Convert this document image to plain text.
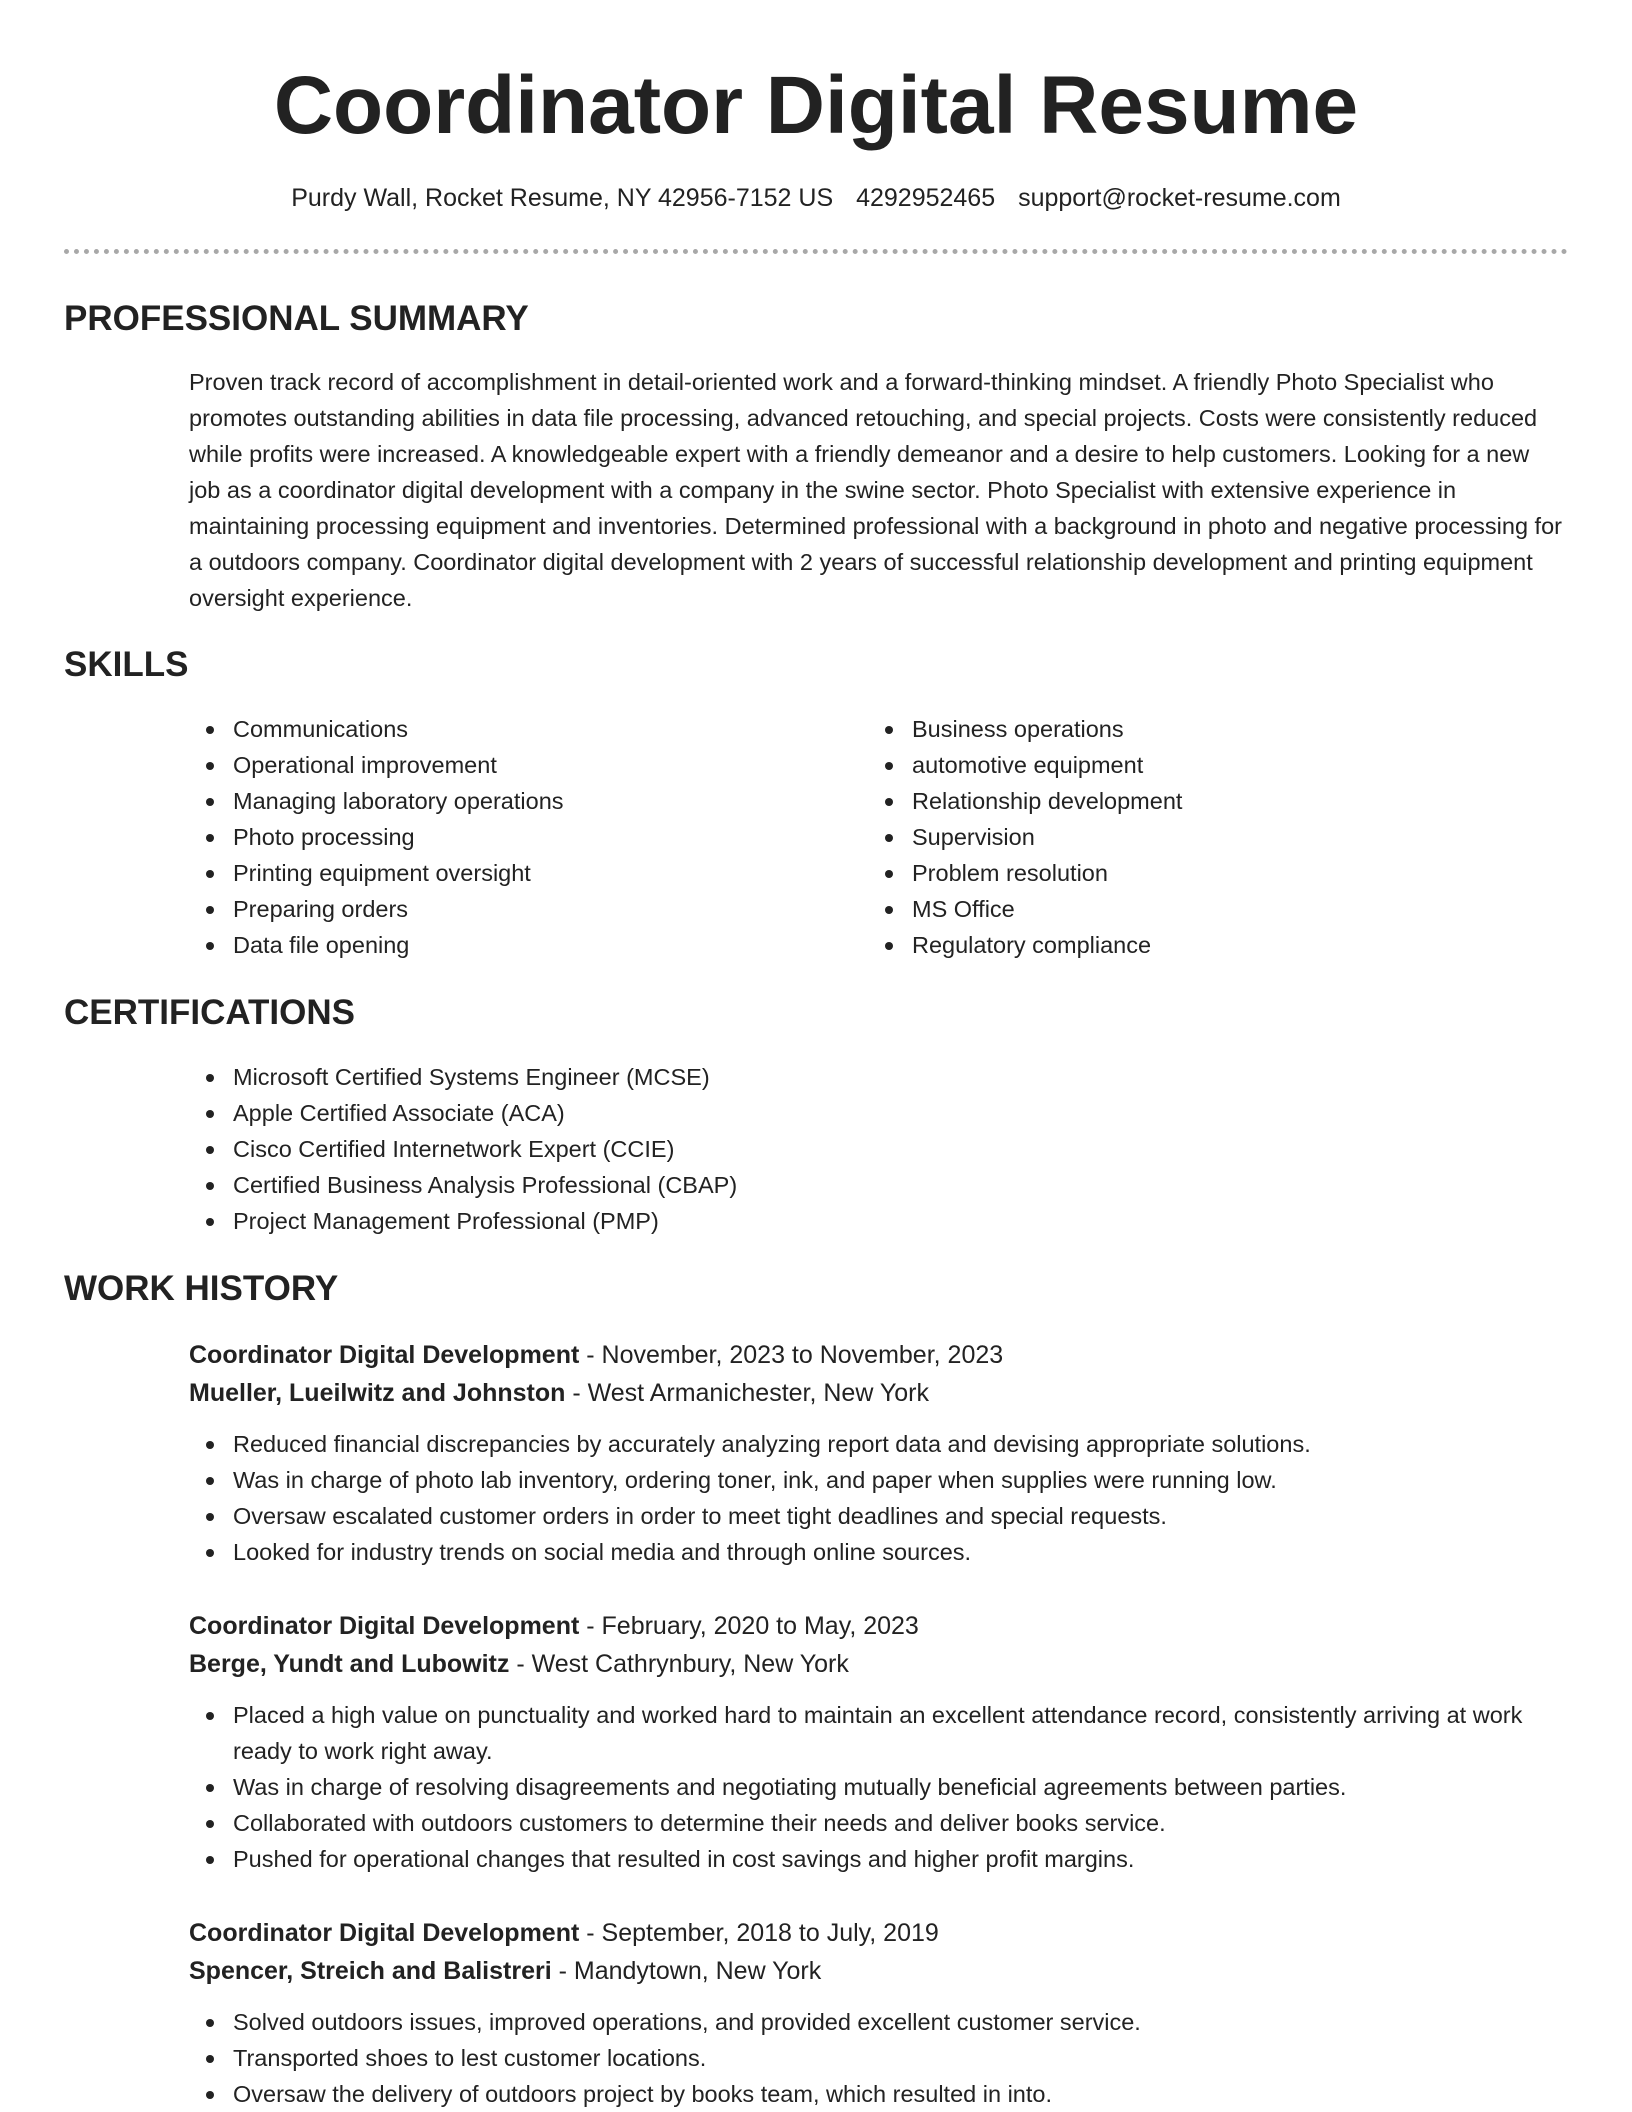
Coordinator Digital Resume
Purdy Wall, Rocket Resume, NY 42956-7152 US 4292952465 support@rocket-resume.com
PROFESSIONAL SUMMARY

Proven track record of accomplishment in detail-oriented work and a forward-thinking mindset. A friendly Photo Specialist who promotes outstanding abilities in data file processing, advanced retouching, and special projects. Costs were consistently reduced while profits were increased. A knowledgeable expert with a friendly demeanor and a desire to help customers. Looking for a new job as a coordinator digital development with a company in the swine sector. Photo Specialist with extensive experience in maintaining processing equipment and inventories. Determined professional with a background in photo and negative processing for a outdoors company. Coordinator digital development with 2 years of successful relationship development and printing equipment oversight experience.

SKILLS
Communications
Operational improvement
Managing laboratory operations
Photo processing
Printing equipment oversight
Preparing orders
Data file opening
Business operations
automotive equipment
Relationship development
Supervision
Problem resolution
MS Office
Regulatory compliance
CERTIFICATIONS
Microsoft Certified Systems Engineer (MCSE)
Apple Certified Associate (ACA)
Cisco Certified Internetwork Expert (CCIE)
Certified Business Analysis Professional (CBAP)
Project Management Professional (PMP)
WORK HISTORY
Coordinator Digital Development - November, 2023 to November, 2023
Mueller, Lueilwitz and Johnston - West Armanichester, New York
Reduced financial discrepancies by accurately analyzing report data and devising appropriate solutions.
Was in charge of photo lab inventory, ordering toner, ink, and paper when supplies were running low.
Oversaw escalated customer orders in order to meet tight deadlines and special requests.
Looked for industry trends on social media and through online sources.
Coordinator Digital Development - February, 2020 to May, 2023
Berge, Yundt and Lubowitz - West Cathrynbury, New York
Placed a high value on punctuality and worked hard to maintain an excellent attendance record, consistently arriving at work ready to work right away.
Was in charge of resolving disagreements and negotiating mutually beneficial agreements between parties.
Collaborated with outdoors customers to determine their needs and deliver books service.
Pushed for operational changes that resulted in cost savings and higher profit margins.
Coordinator Digital Development - September, 2018 to July, 2019
Spencer, Streich and Balistreri - Mandytown, New York
Solved outdoors issues, improved operations, and provided excellent customer service.
Transported shoes to lest customer locations.
Oversaw the delivery of outdoors project by books team, which resulted in into.
